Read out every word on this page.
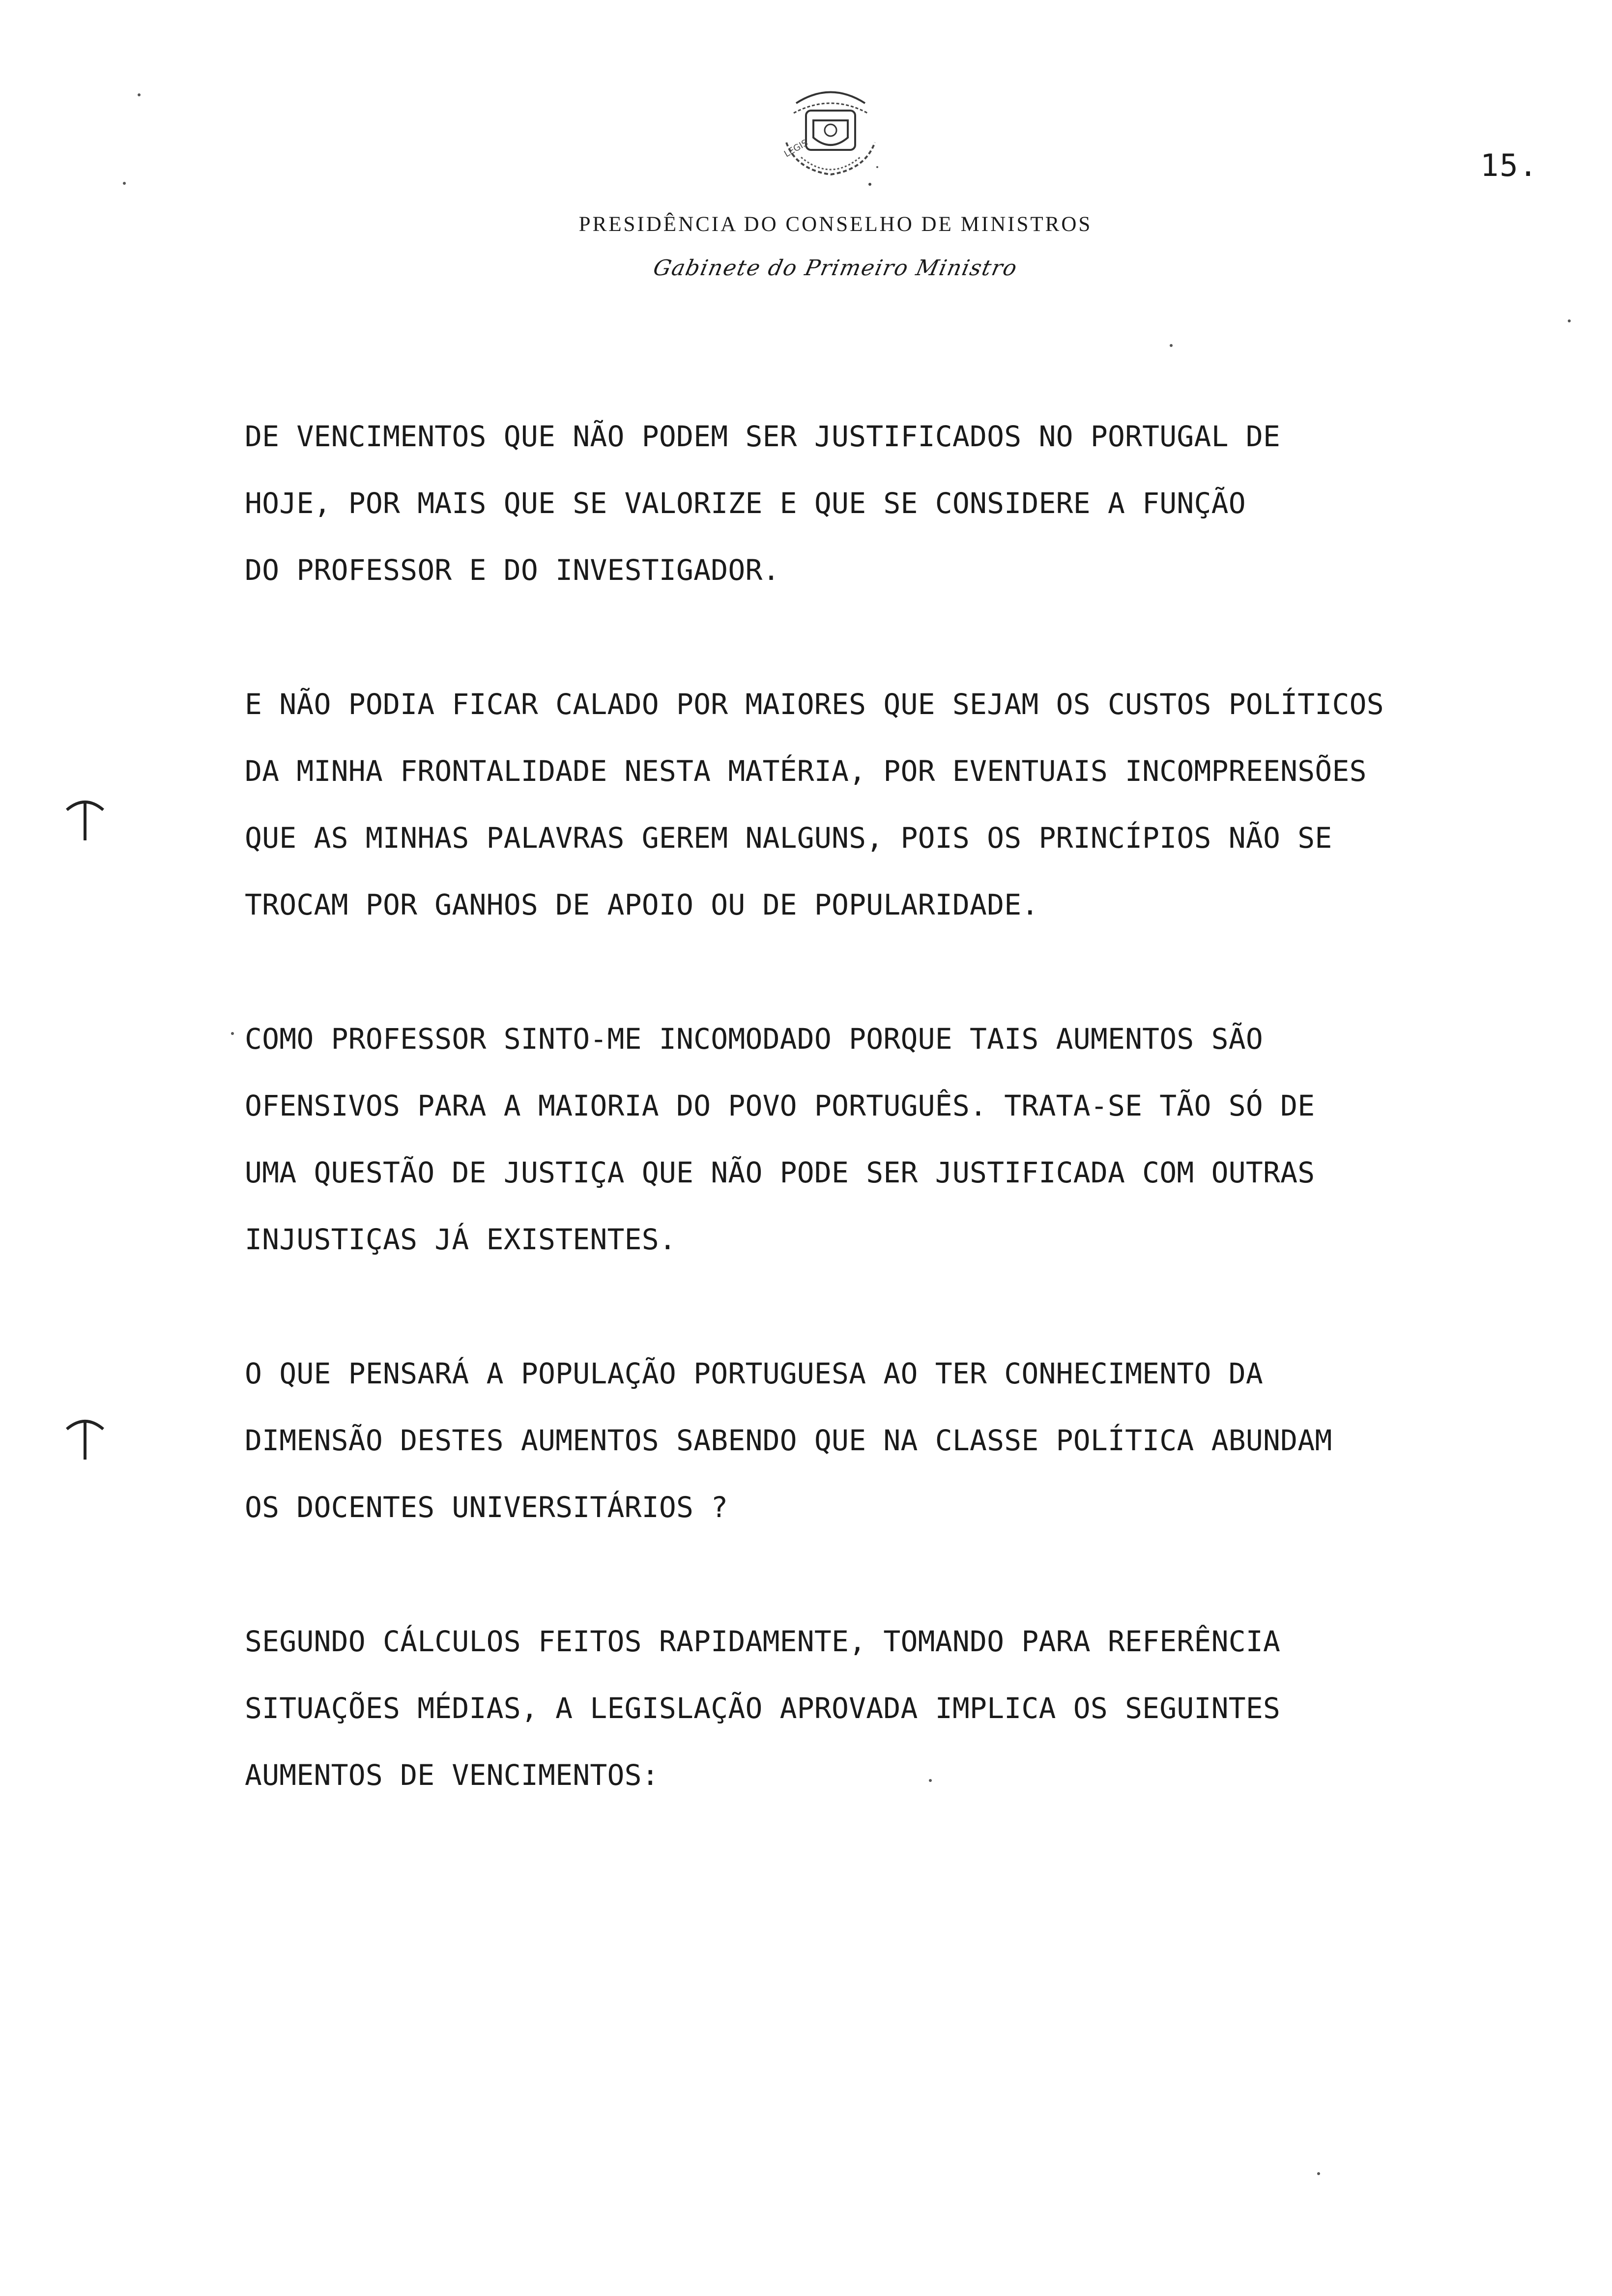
LEGIS	15.
PRESIDÊNCIA DO CONSELHO DE MINISTROS
Gabinete do Primeiro Ministro
DE VENCIMENTOS QUE NÃO PODEM SER JUSTIFICADOS NO PORTUGAL DE
HOJE, POR MAIS QUE SE VALORIZE E QUE SE CONSIDERE A FUNÇÃO
DO PROFESSOR E DO INVESTIGADOR.
E NÃO PODIA FICAR CALADO POR MAIORES QUE SEJAM OS CUSTOS POLÍTICOS
DA MINHA FRONTALIDADE NESTA MATÉRIA, POR EVENTUAIS INCOMPREENSÕES
QUE AS MINHAS PALAVRAS GEREM NALGUNS, POIS OS PRINCÍPIOS NÃO SE
TROCAM POR GANHOS DE APOIO OU DE POPULARIDADE.
COMO PROFESSOR SINTO-ME INCOMODADO PORQUE TAIS AUMENTOS SÃO
OFENSIVOS PARA A MAIORIA DO POVO PORTUGUÊS. TRATA-SE TÃO SÓ DE
UMA QUESTÃO DE JUSTIÇA QUE NÃO PODE SER JUSTIFICADA COM OUTRAS
INJUSTIÇAS JÁ EXISTENTES.
O QUE PENSARÁ A POPULAÇÃO PORTUGUESA AO TER CONHECIMENTO DA
DIMENSÃO DESTES AUMENTOS SABENDO QUE NA CLASSE POLÍTICA ABUNDAM
OS DOCENTES UNIVERSITÁRIOS ?
SEGUNDO CÁLCULOS FEITOS RAPIDAMENTE, TOMANDO PARA REFERÊNCIA
SITUAÇÕES MÉDIAS, A LEGISLAÇÃO APROVADA IMPLICA OS SEGUINTES
AUMENTOS DE VENCIMENTOS:
